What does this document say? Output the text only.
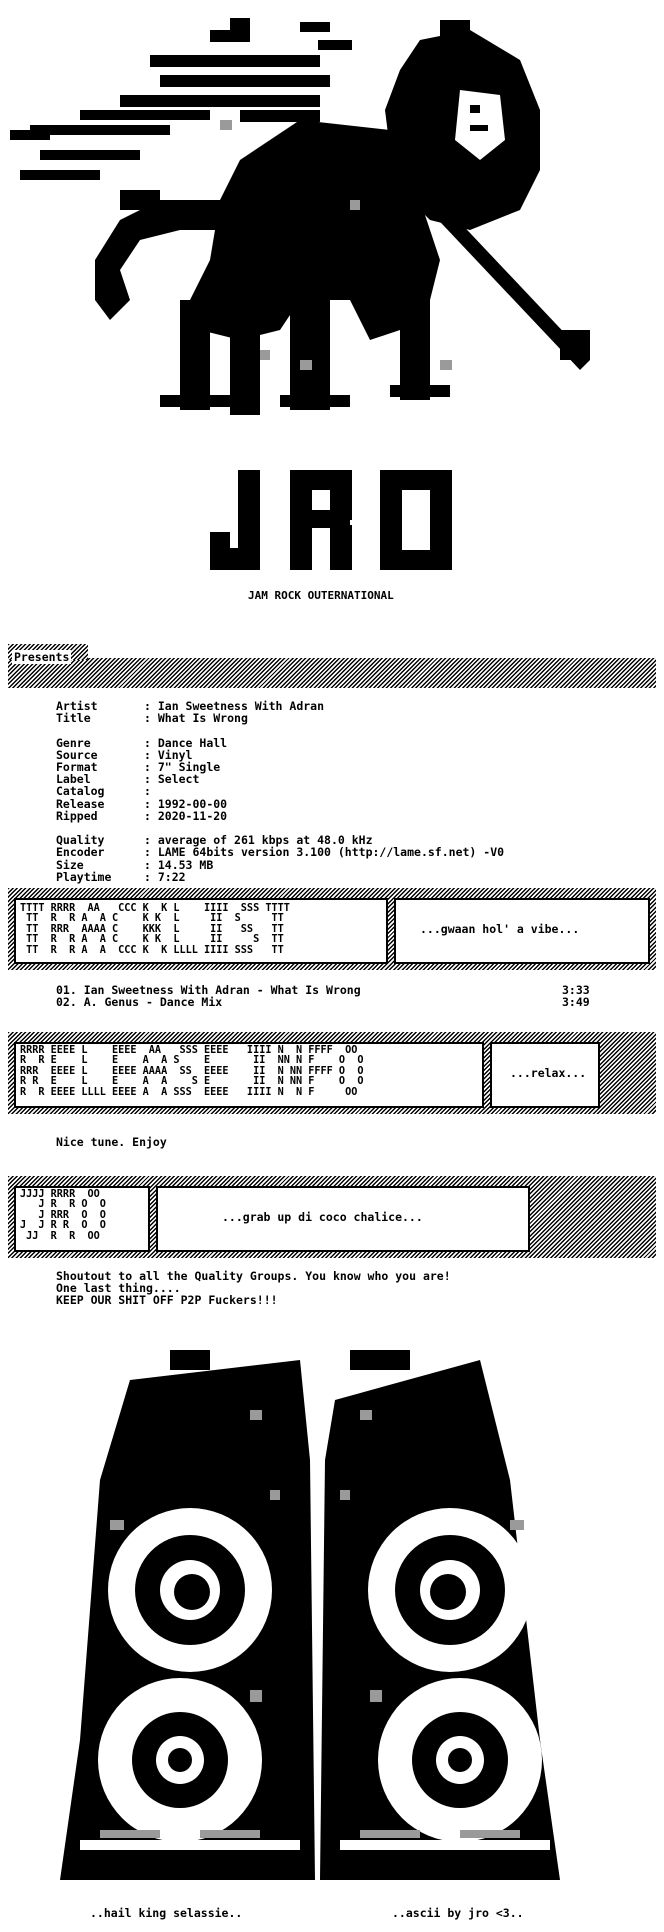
JAM ROCK OUTERNATIONAL
Presents
Artist	: Ian Sweetness With Adran
Title	: What Is Wrong

Genre	: Dance Hall
Source	: Vinyl
Format	: 7" Single
Label	: Select
Catalog	:
Release	: 1992-00-00
Ripped	: 2020-11-20

Quality	: average of 261 kbps at 48.0 kHz
Encoder	: LAME 64bits version 3.100 (http://lame.sf.net) -V0
Size	: 14.53 MB
Playtime	: 7:22
TTTT RRRR  AA   CCC K  K L    IIII  SSS TTTT
TT  R  R A  A C    K K  L     II  S     TT
TT  RRR  AAAA C    KKK  L     II   SS   TT
TT  R  R A  A C    K K  L     II     S  TT
TT  R  R A  A  CCC K  K LLLL IIII SSS   TT
...gwaan hol' a vibe...
01. Ian Sweetness With Adran - What Is Wrong	3:33
02. A. Genus - Dance Mix	3:49
RRRR EEEE L    EEEE  AA   SSS EEEE   IIII N  N FFFF  OO
R  R E    L    E    A  A S    E       II  NN N F    O  O
RRR  EEEE L    EEEE AAAA  SS  EEEE    II  N NN FFFF O  O
R R  E    L    E    A  A    S E       II  N NN F    O  O
R  R EEEE LLLL EEEE A  A SSS  EEEE   IIII N  N F     OO
...relax...
Nice tune. Enjoy
JJJJ RRRR  OO
J R  R O  O
J RRR  O  O
J  J R R  O  O
JJ  R  R  OO
...grab up di coco chalice...
Shoutout to all the Quality Groups. You know who you are!
One last thing....
KEEP OUR SHIT OFF P2P Fuckers!!!
..hail king selassie..	..ascii by jro <3..
